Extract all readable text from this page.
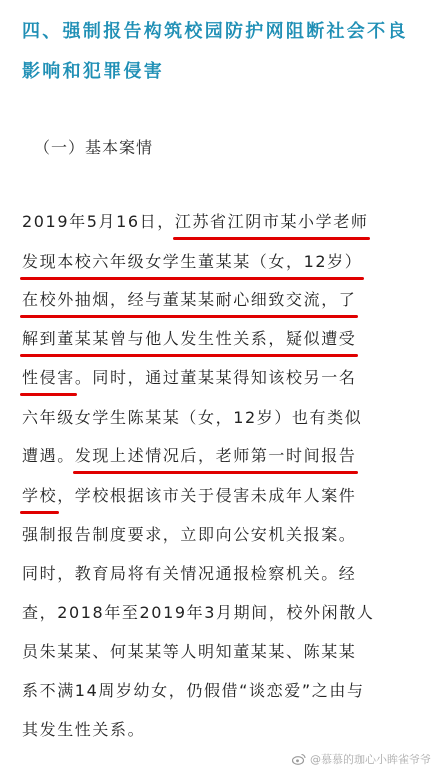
四、强制报告构筑校园防护网阻断社会不良
影响和犯罪侵害
（一）基本案情
2019年5月16日，江苏省江阴市某小学老师
发现本校六年级女学生董某某（女，12岁）
在校外抽烟，经与董某某耐心细致交流，了
解到董某某曾与他人发生性关系，疑似遭受
性侵害。同时，通过董某某得知该校另一名
六年级女学生陈某某（女，12岁）也有类似
遭遇。发现上述情况后，老师第一时间报告
学校，学校根据该市关于侵害未成年人案件
强制报告制度要求，立即向公安机关报案。
同时，教育局将有关情况通报检察机关。经
查，2018年至2019年3月期间，校外闲散人
员朱某某、何某某等人明知董某某、陈某某
系不满14周岁幼女，仍假借“谈恋爱”之由与
其发生性关系。
@慕慕的珈心小眸雀爷爷
